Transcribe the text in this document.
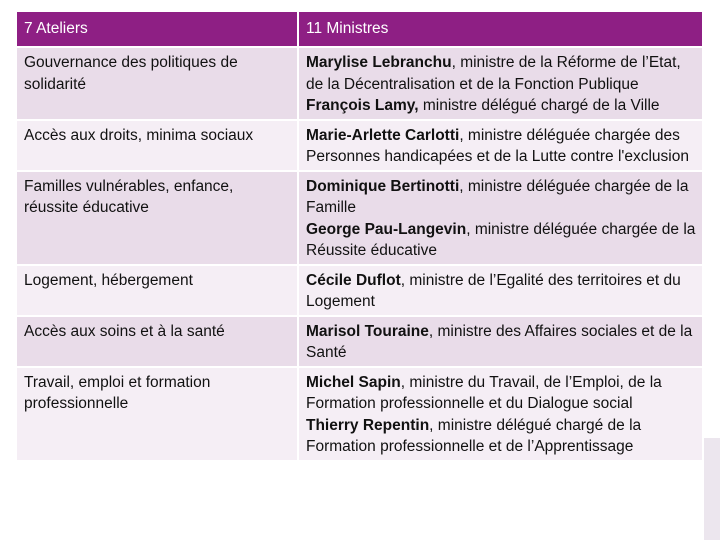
7 Ateliers	11 Ministres
Gouvernance des politiques de solidarité	Marylise Lebranchu, ministre de la Réforme de l’Etat, de la Décentralisation et de la Fonction Publique
François Lamy, ministre délégué chargé de la Ville

Accès aux droits, minima sociaux	Marie-Arlette Carlotti, ministre déléguée chargée des Personnes handicapées et de la Lutte contre l'exclusion

Familles vulnérables, enfance, réussite éducative	Dominique Bertinotti, ministre déléguée chargée de la Famille
George Pau-Langevin, ministre déléguée chargée de la Réussite éducative

Logement, hébergement	Cécile Duflot, ministre de l’Egalité des territoires et du Logement

Accès aux soins et à la santé	Marisol Touraine, ministre des Affaires sociales et de la Santé

Travail, emploi et formation professionnelle	Michel Sapin, ministre du Travail, de l’Emploi, de la Formation professionnelle et du Dialogue social
Thierry Repentin, ministre délégué chargé de la Formation professionnelle et de l’Apprentissage
